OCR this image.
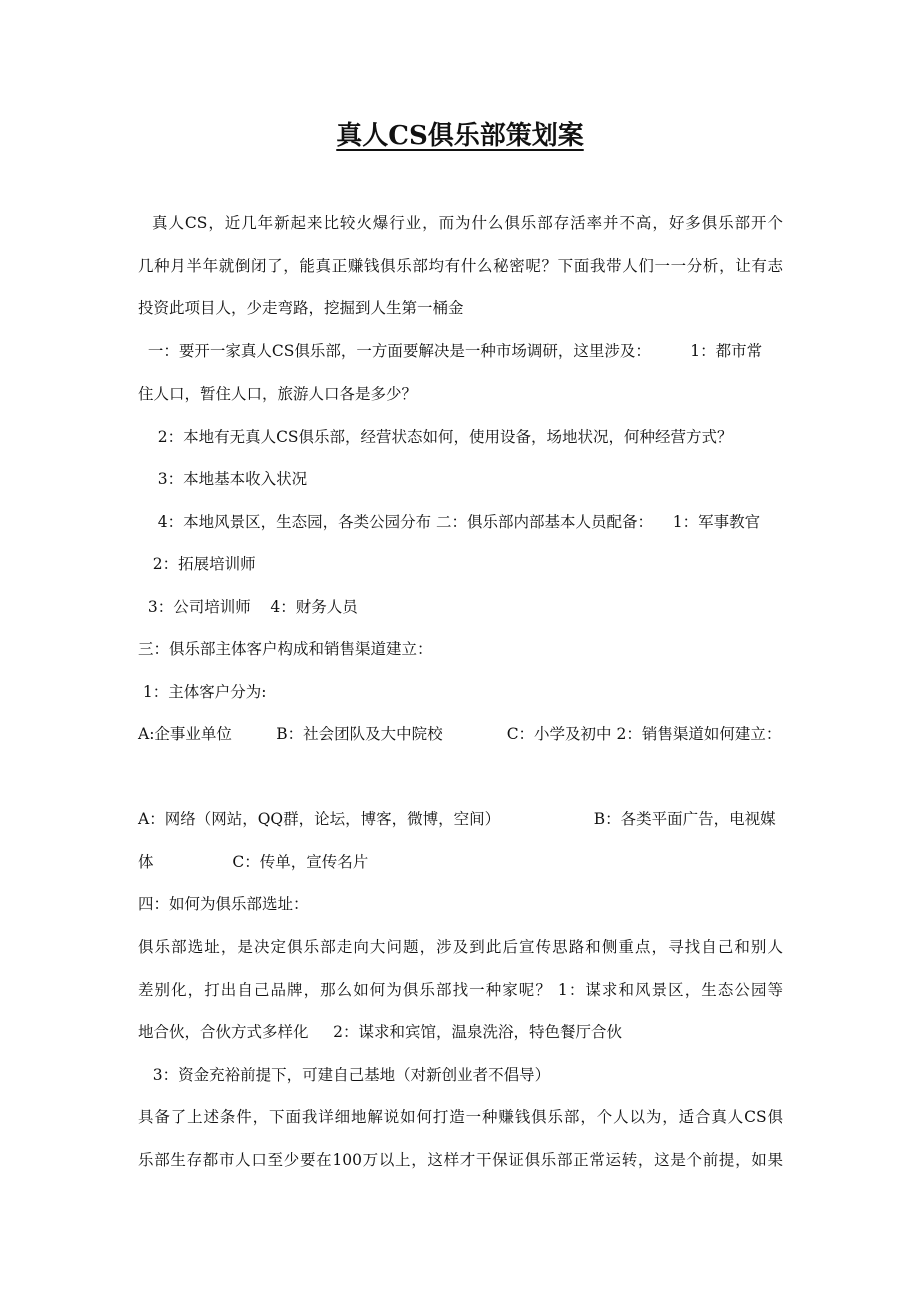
真人CS俱乐部策划案
真人CS，近几年新起来比较火爆行业，而为什么俱乐部存活率并不高，好多俱乐部开个
几种月半年就倒闭了，能真正赚钱俱乐部均有什么秘密呢？下面我带人们一一分析，让有志
投资此项目人，少走弯路，挖掘到人生第一桶金
一：要开一家真人CS俱乐部，一方面要解决是一种市场调研，这里涉及：        1：都市常
住人口，暂住人口，旅游人口各是多少？
2：本地有无真人CS俱乐部，经营状态如何，使用设备，场地状况，何种经营方式？
3：本地基本收入状况
4：本地风景区，生态园，各类公园分布 二：俱乐部内部基本人员配备：    1：军事教官
2：拓展培训师
3：公司培训师    4：财务人员
三：俱乐部主体客户构成和销售渠道建立：
1：主体客户分为:
A:企事业单位         B：社会团队及大中院校             C：小学及初中 2：销售渠道如何建立：
A：网络（网站，QQ群，论坛，博客，微博，空间）                   B：各类平面广告，电视媒
体                C：传单，宣传名片
四：如何为俱乐部选址：
俱乐部选址，是决定俱乐部走向大问题，涉及到此后宣传思路和侧重点，寻找自己和别人
差别化，打出自己品牌，那么如何为俱乐部找一种家呢？ 1：谋求和风景区，生态公园等
地合伙，合伙方式多样化     2：谋求和宾馆，温泉洗浴，特色餐厅合伙
3：资金充裕前提下，可建自己基地（对新创业者不倡导）
具备了上述条件，下面我详细地解说如何打造一种赚钱俱乐部，个人以为，适合真人CS俱
乐部生存都市人口至少要在100万以上，这样才干保证俱乐部正常运转，这是个前提，如果
